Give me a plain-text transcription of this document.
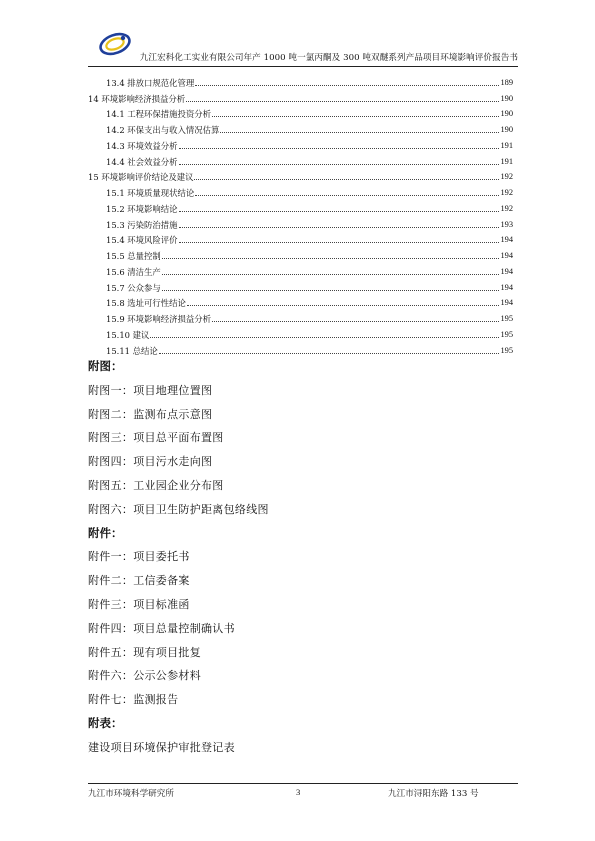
九江宏科化工实业有限公司年产 1000 吨一氯丙酮及 300 吨双醚系列产品项目环境影响评价报告书
13.4 排放口规范化管理	189
14 环境影响经济损益分析	190
14.1 工程环保措施投资分析	190
14.2 环保支出与收入情况估算	190
14.3 环境效益分析	191
14.4 社会效益分析	191
15 环境影响评价结论及建议	192
15.1 环境质量现状结论	192
15.2 环境影响结论	192
15.3 污染防治措施	193
15.4 环境风险评价	194
15.5 总量控制	194
15.6 清洁生产	194
15.7 公众参与	194
15.8 选址可行性结论	194
15.9 环境影响经济损益分析	195
15.10 建议	195
15.11 总结论	195
附图：
附图一：项目地理位置图
附图二：监测布点示意图
附图三：项目总平面布置图
附图四：项目污水走向图
附图五：工业园企业分布图
附图六：项目卫生防护距离包络线图
附件：
附件一：项目委托书
附件二：工信委备案
附件三：项目标准函
附件四：项目总量控制确认书
附件五：现有项目批复
附件六：公示公参材料
附件七：监测报告
附表：
建设项目环境保护审批登记表
九江市环境科学研究所	3	九江市浔阳东路 133 号
